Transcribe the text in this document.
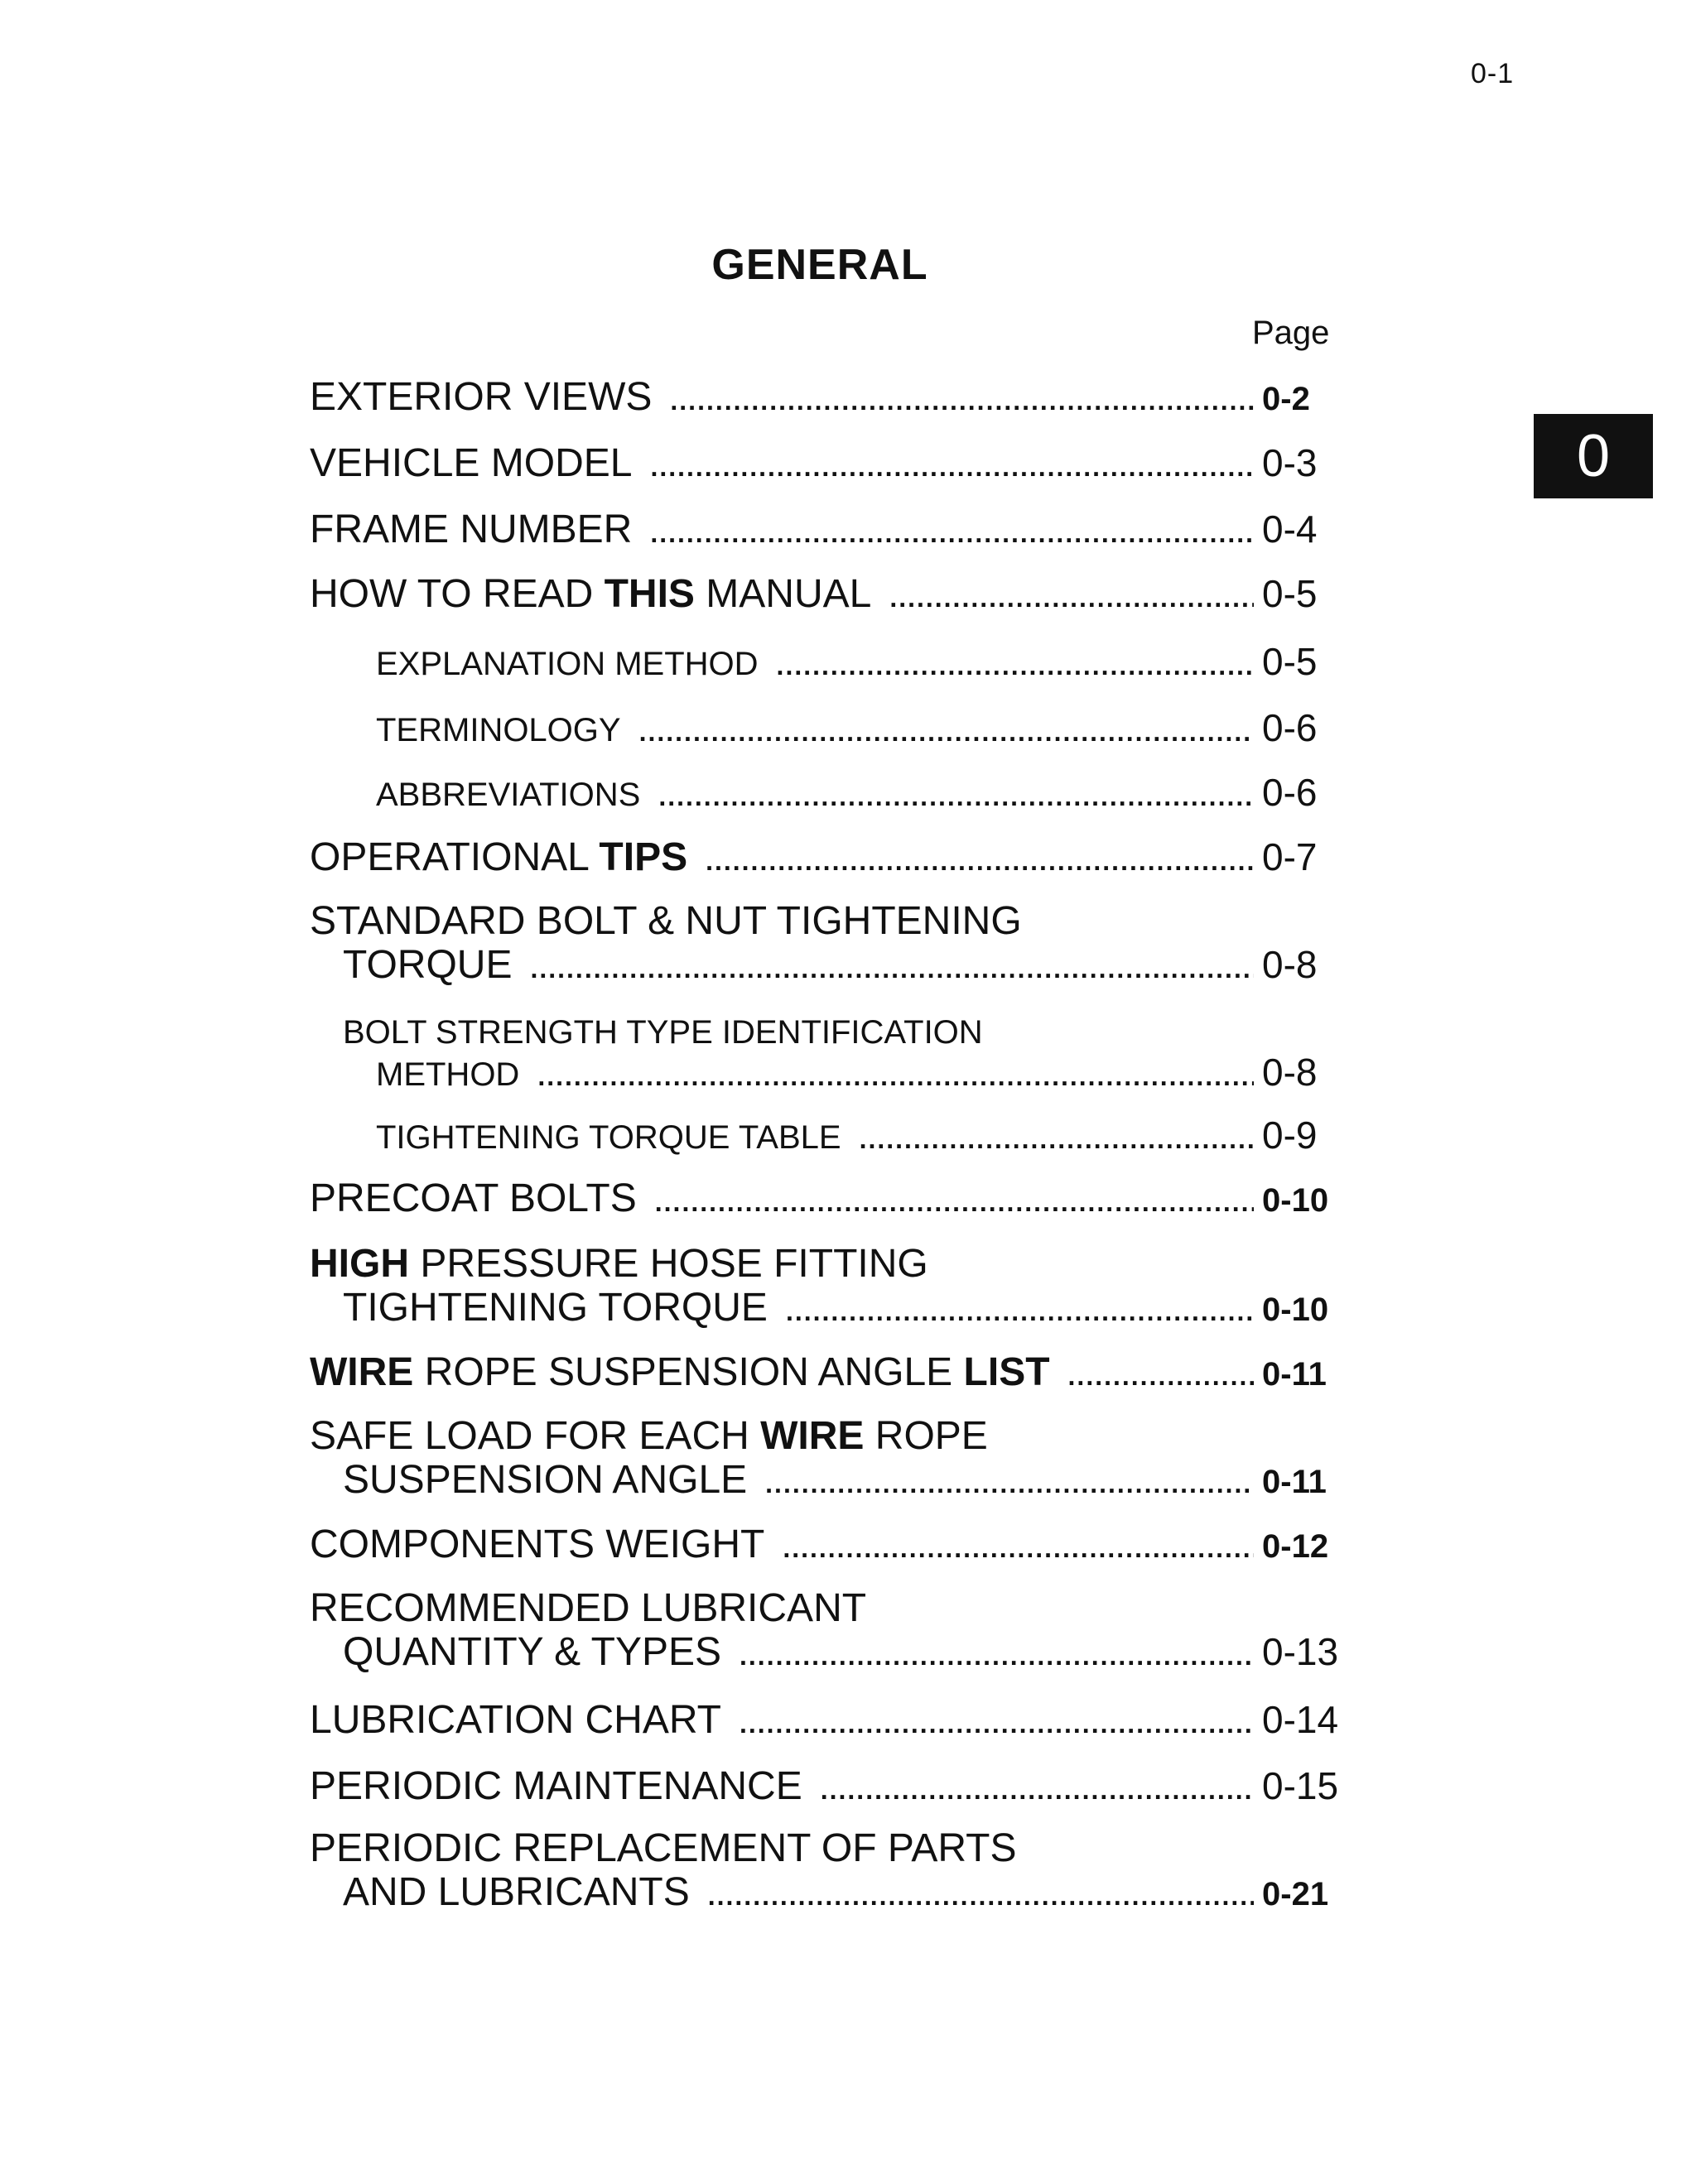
0-1
GENERAL
Page
0
EXTERIOR VIEWS .....	0-2
VEHICLE MODEL .....	0-3
FRAME NUMBER .....	0-4
HOW TO READ THIS MANUAL .....	0-5
EXPLANATION METHOD .....	0-5
TERMINOLOGY .....	0-6
ABBREVIATIONS .....	0-6
OPERATIONAL TIPS .....	0-7
STANDARD BOLT & NUT TIGHTENING
TORQUE .....	0-8
BOLT STRENGTH TYPE IDENTIFICATION
METHOD .....	0-8
TIGHTENING TORQUE TABLE .....	0-9
PRECOAT BOLTS .....	0-10
HIGH PRESSURE HOSE FITTING
TIGHTENING TORQUE .....	0-10
WIRE ROPE SUSPENSION ANGLE LIST .....	0-11
SAFE LOAD FOR EACH WIRE ROPE
SUSPENSION ANGLE .....	0-11
COMPONENTS WEIGHT .....	0-12
RECOMMENDED LUBRICANT
QUANTITY & TYPES .....	0-13
LUBRICATION CHART .....	0-14
PERIODIC MAINTENANCE .....	0-15
PERIODIC REPLACEMENT OF PARTS
AND LUBRICANTS .....	0-21
